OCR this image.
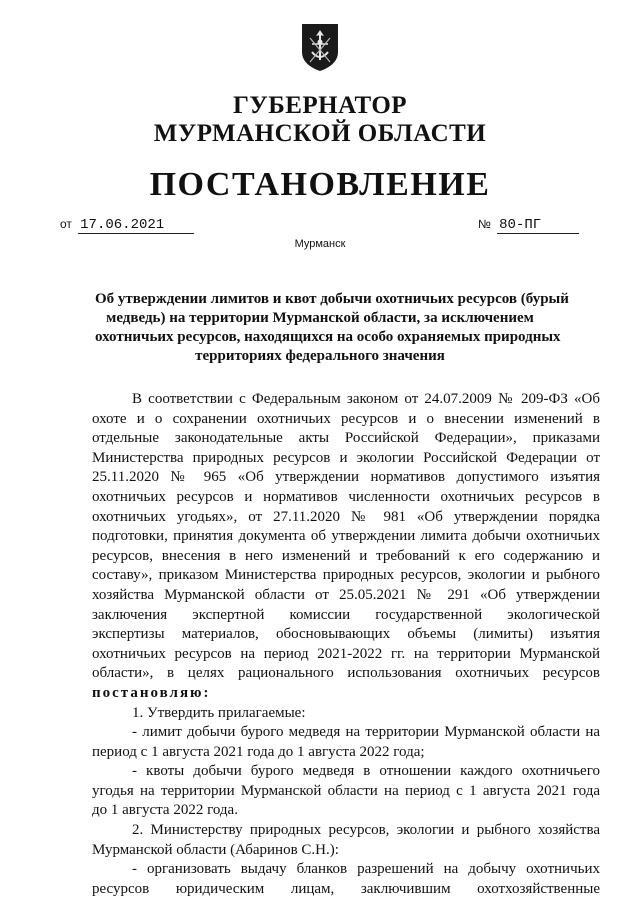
ГУБЕРНАТОР
МУРМАНСКОЙ ОБЛАСТИ
ПОСТАНОВЛЕНИЕ
от 17.06.2021	№ 80-ПГ
Мурманск
Об утверждении лимитов и квот добычи охотничьих ресурсов (бурый
медведь) на территории Мурманской области, за исключением
охотничьих ресурсов, находящихся на особо охраняемых природных
территориях федерального значения
В соответствии с Федеральным законом от 24.07.2009 № 209-ФЗ «Об
охоте и о сохранении охотничьих ресурсов и о внесении изменений в
отдельные законодательные акты Российской Федерации», приказами
Министерства природных ресурсов и экологии Российской Федерации от
25.11.2020 № 965 «Об утверждении нормативов допустимого изъятия
охотничьих ресурсов и нормативов численности охотничьих ресурсов в
охотничьих угодьях», от 27.11.2020 № 981 «Об утверждении порядка
подготовки, принятия документа об утверждении лимита добычи охотничьих
ресурсов, внесения в него изменений и требований к его содержанию и
составу», приказом Министерства природных ресурсов, экологии и рыбного
хозяйства Мурманской области от 25.05.2021 № 291 «Об утверждении
заключения экспертной комиссии государственной экологической
экспертизы материалов, обосновывающих объемы (лимиты) изъятия
охотничьих ресурсов на период 2021-2022 гг. на территории Мурманской
области», в целях рационального использования охотничьих ресурсов
постановляю:
1. Утвердить прилагаемые:
- лимит добычи бурого медведя на территории Мурманской области на
период с 1 августа 2021 года до 1 августа 2022 года;
- квоты добычи бурого медведя в отношении каждого охотничьего
угодья на территории Мурманской области на период с 1 августа 2021 года
до 1 августа 2022 года.
2. Министерству природных ресурсов, экологии и рыбного хозяйства
Мурманской области (Абаринов С.Н.):
- организовать выдачу бланков разрешений на добычу охотничьих
ресурсов юридическим лицам, заключившим охотхозяйственные
